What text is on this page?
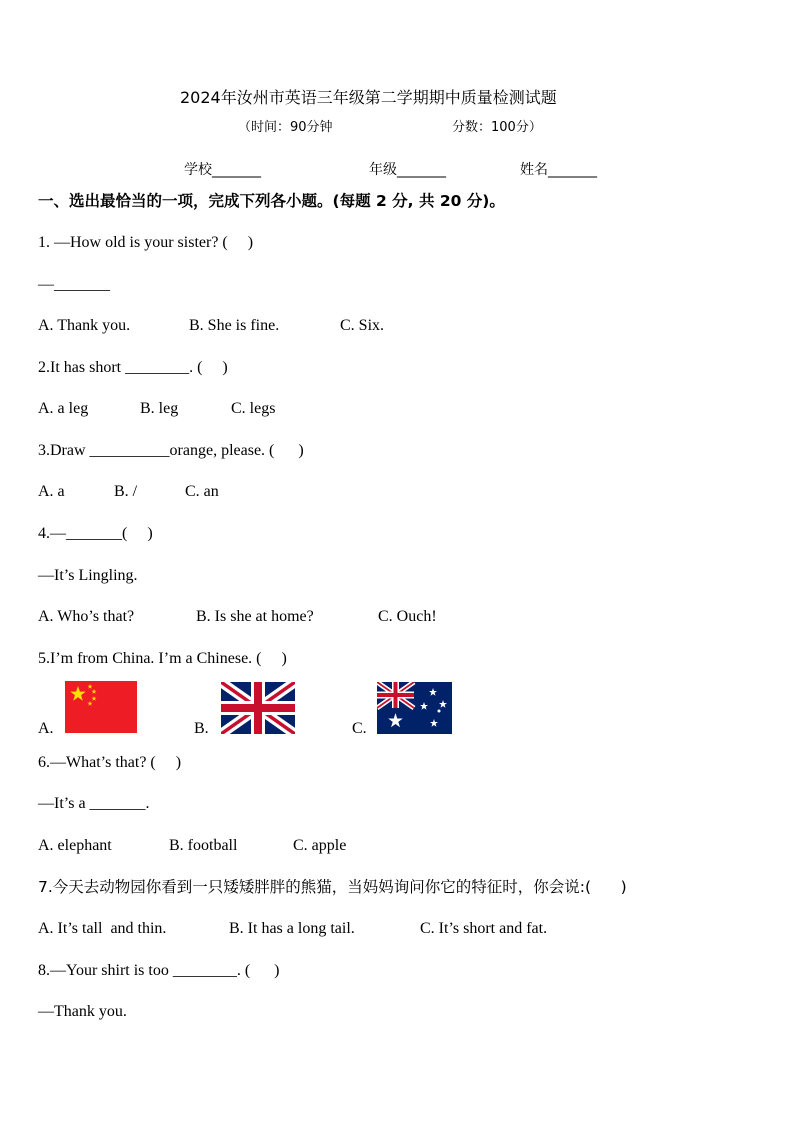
2024年汝州市英语三年级第二学期期中质量检测试题
（时间：90分钟	分数：100分）
学校_______	年级_______	姓名_______
一、选出最恰当的一项，完成下列各小题。(每题 2 分, 共 20 分)。
1. —How old is your sister? (     )
—_______
A. Thank you.	B. She is fine.	C. Six.
2.It has short ________. (     )
A. a leg	B. leg	C. legs
3.Draw __________orange, please. (      )
A. a	B. /	C. an
4.—_______(     )
—It’s Lingling.
A. Who’s that?	B. Is she at home?	C. Ouch!
5.I’m from China. I’m a Chinese. (     )
A.	B.	C.
6.—What’s that? (     )
—It’s a _______.
A. elephant	B. football	C. apple
7.今天去动物园你看到一只矮矮胖胖的熊猫，当妈妈询问你它的特征时，你会说:(      )
A. It’s tall  and thin.	B. It has a long tail.	C. It’s short and fat.
8.—Your shirt is too ________. (      )
—Thank you.
